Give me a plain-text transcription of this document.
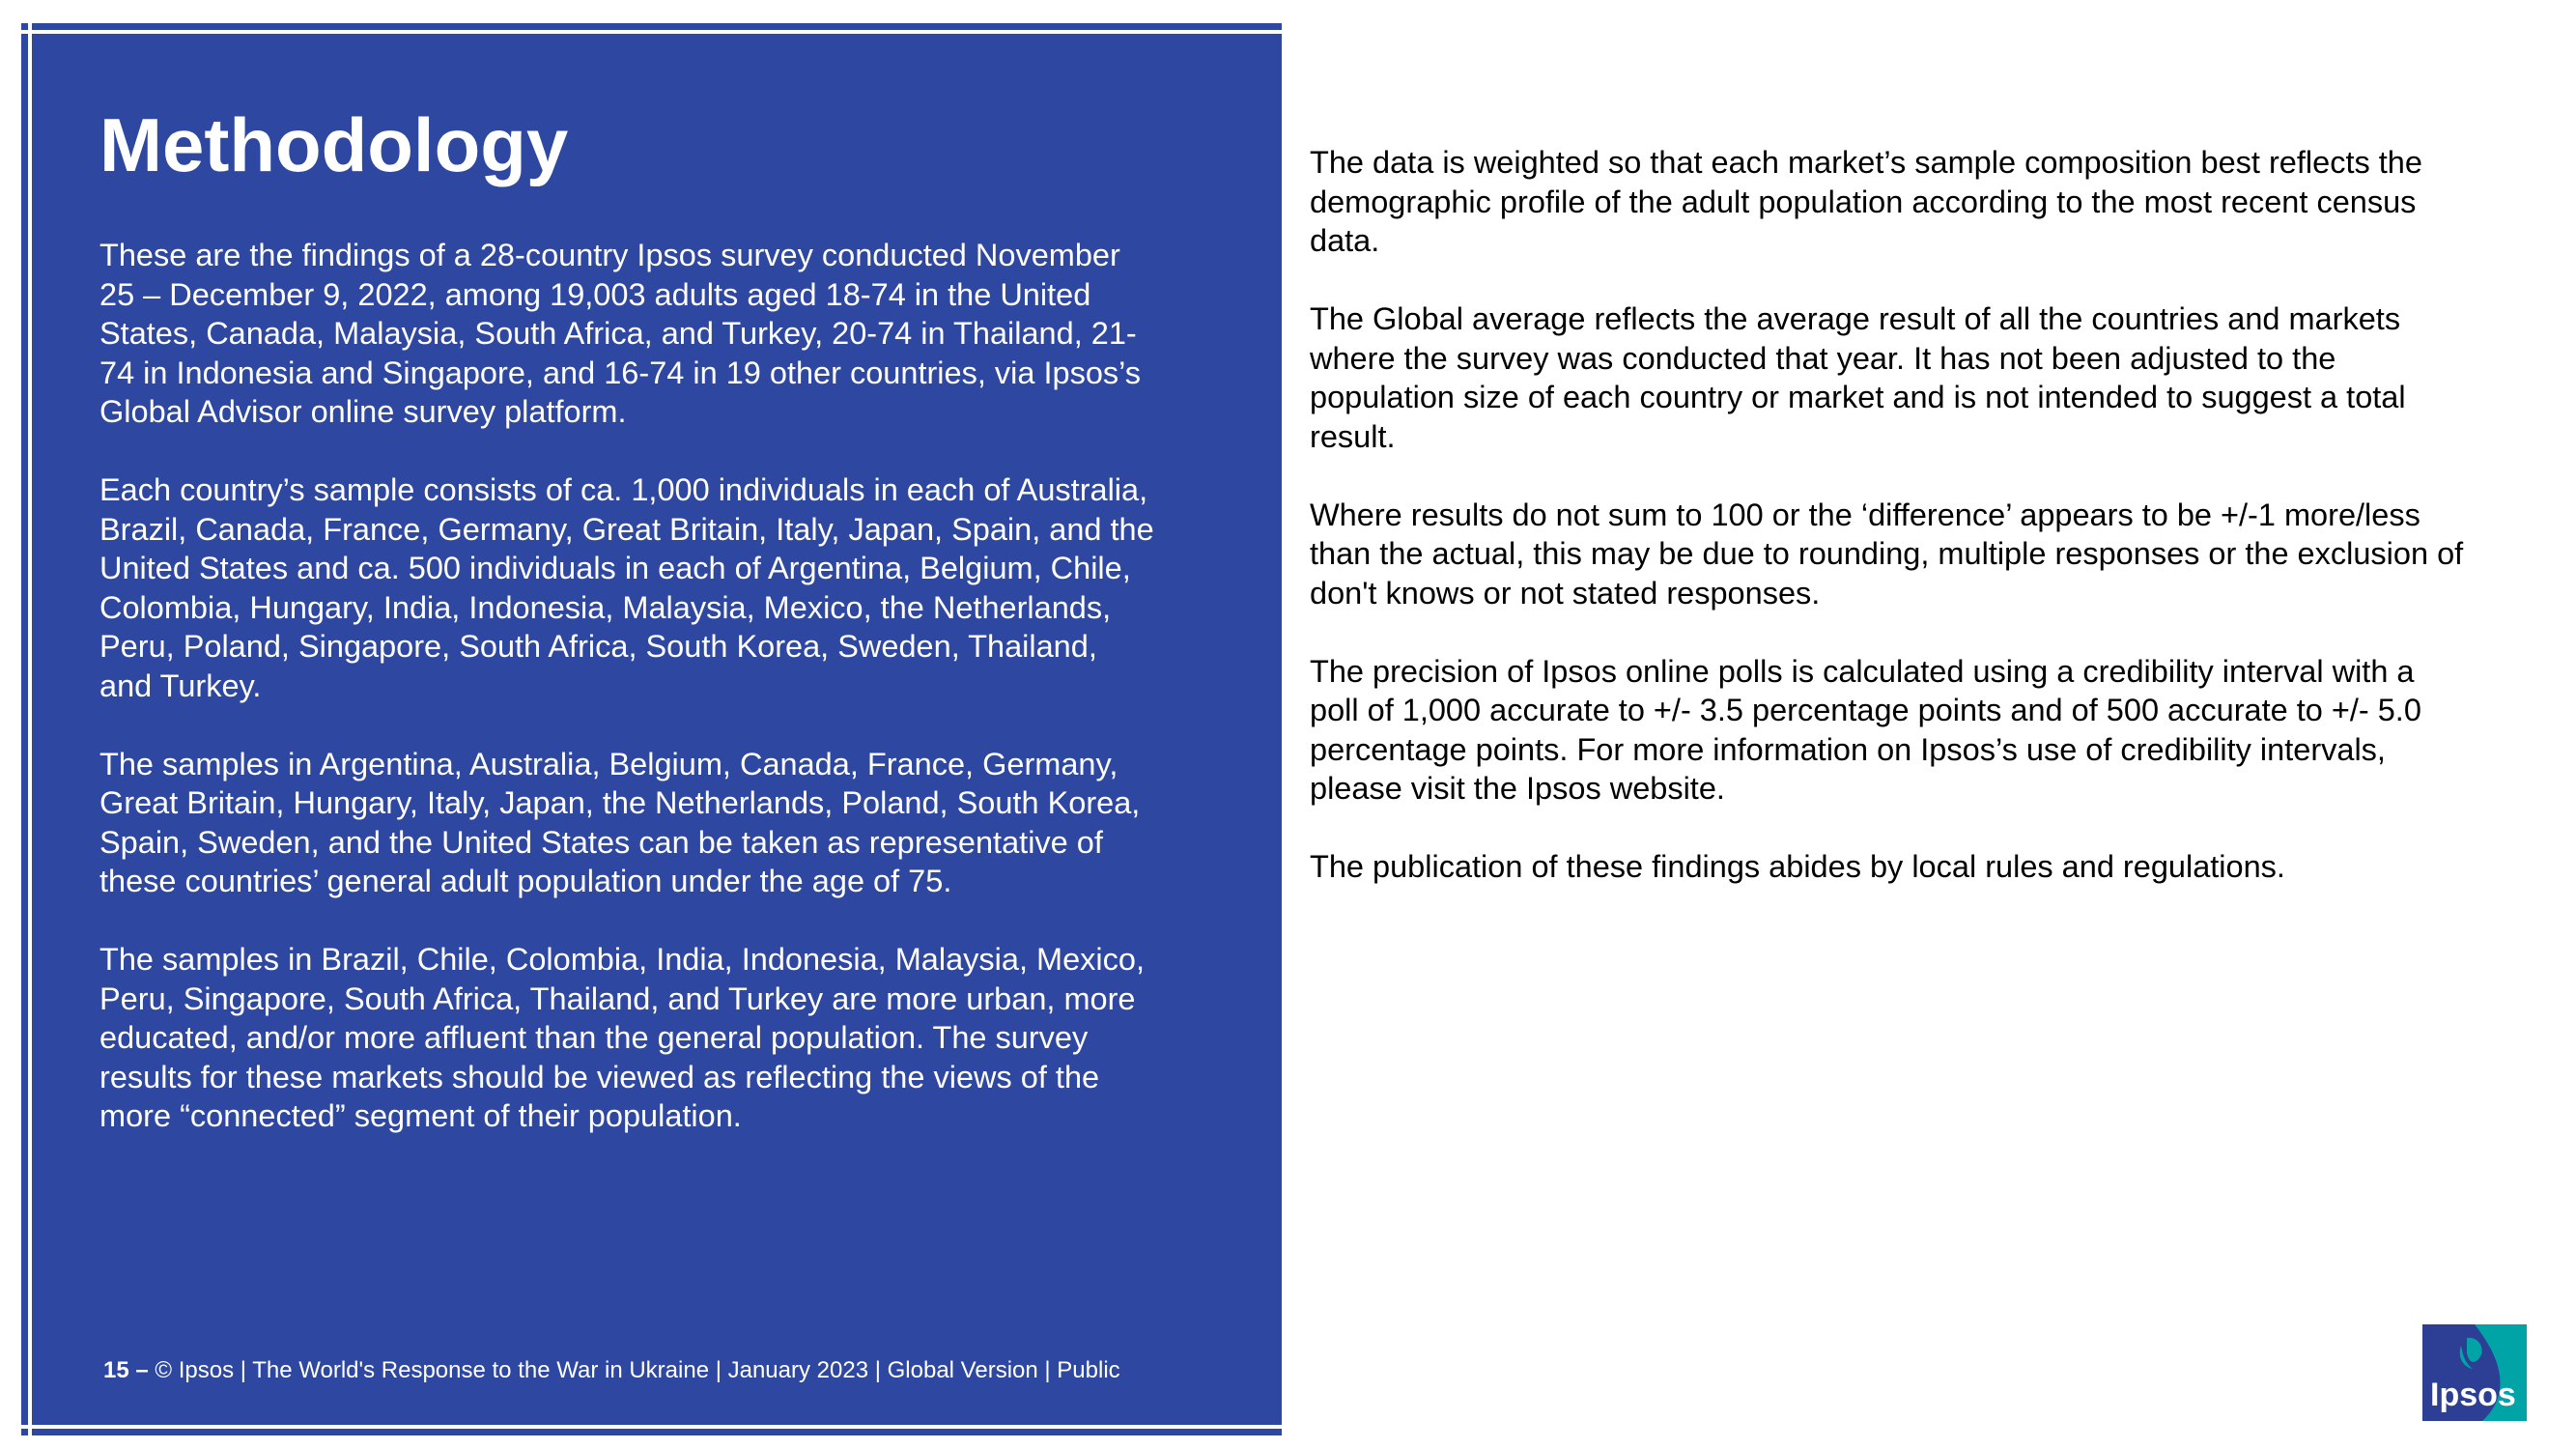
Methodology

These are the findings of a 28-country Ipsos survey conducted November
25 – December 9, 2022, among 19,003 adults aged 18-74 in the United
States, Canada, Malaysia, South Africa, and Turkey, 20-74 in Thailand, 21-
74 in Indonesia and Singapore, and 16-74 in 19 other countries, via Ipsos’s
Global Advisor online survey platform.

Each country’s sample consists of ca. 1,000 individuals in each of Australia,
Brazil, Canada, France, Germany, Great Britain, Italy, Japan, Spain, and the
United States and ca. 500 individuals in each of Argentina, Belgium, Chile,
Colombia, Hungary, India, Indonesia, Malaysia, Mexico, the Netherlands,
Peru, Poland, Singapore, South Africa, South Korea, Sweden, Thailand,
and Turkey.

The samples in Argentina, Australia, Belgium, Canada, France, Germany,
Great Britain, Hungary, Italy, Japan, the Netherlands, Poland, South Korea,
Spain, Sweden, and the United States can be taken as representative of
these countries’ general adult population under the age of 75.

The samples in Brazil, Chile, Colombia, India, Indonesia, Malaysia, Mexico,
Peru, Singapore, South Africa, Thailand, and Turkey are more urban, more
educated, and/or more affluent than the general population. The survey
results for these markets should be viewed as reflecting the views of the
more “connected” segment of their population.

The data is weighted so that each market’s sample composition best reflects the
demographic profile of the adult population according to the most recent census
data.

The Global average reflects the average result of all the countries and markets
where the survey was conducted that year. It has not been adjusted to the
population size of each country or market and is not intended to suggest a total
result.

Where results do not sum to 100 or the ‘difference’ appears to be +/-1 more/less
than the actual, this may be due to rounding, multiple responses or the exclusion of
don't knows or not stated responses.

The precision of Ipsos online polls is calculated using a credibility interval with a
poll of 1,000 accurate to +/- 3.5 percentage points and of 500 accurate to +/- 5.0
percentage points. For more information on Ipsos’s use of credibility intervals,
please visit the Ipsos website.

The publication of these findings abides by local rules and regulations.

15 – © Ipsos | The World's Response to the War in Ukraine | January 2023 | Global Version | Public
Ipsos
